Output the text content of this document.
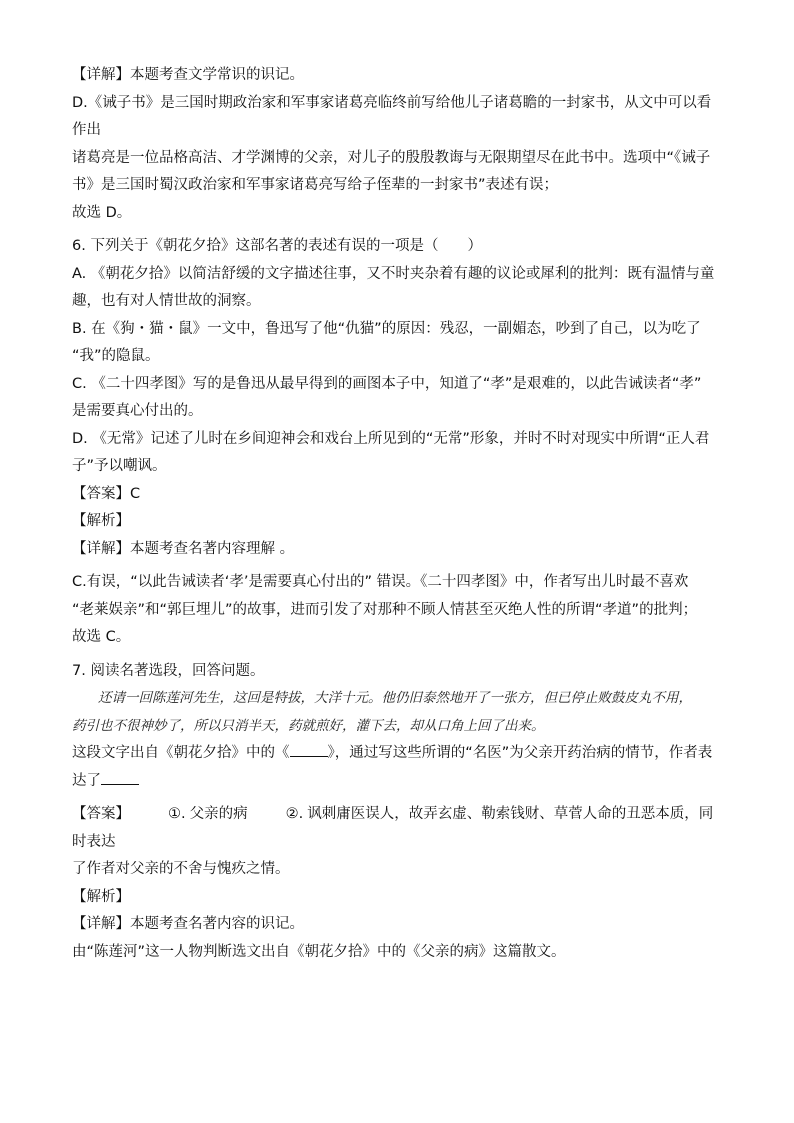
【详解】本题考查文学常识的识记。

D.《诫子书》是三国时期政治家和军事家诸葛亮临终前写给他儿子诸葛瞻的一封家书，从文中可以看作出

诸葛亮是一位品格高洁、才学渊博的父亲，对儿子的殷殷教诲与无限期望尽在此书中。选项中“《诫子

书》是三国时蜀汉政治家和军事家诸葛亮写给子侄辈的一封家书”表述有误；

故选 D。

6. 下列关于《朝花夕拾》这部名著的表述有误的一项是（　　）

A. 《朝花夕拾》以简洁舒缓的文字描述往事，又不时夹杂着有趣的议论或犀利的批判：既有温情与童

趣，也有对人情世故的洞察。

B. 在《狗・猫・鼠》一文中，鲁迅写了他“仇猫”的原因：残忍，一副媚态，吵到了自己，以为吃了

“我”的隐鼠。

C. 《二十四孝图》写的是鲁迅从最早得到的画图本子中，知道了“孝”是艰难的，以此告诫读者“孝”

是需要真心付出的。

D. 《无常》记述了儿时在乡间迎神会和戏台上所见到的“无常”形象，并时不时对现实中所谓“正人君

子”予以嘲讽。

【答案】C

【解析】

【详解】本题考查名著内容理解 。

C.有误，“以此告诫读者‘孝’是需要真心付出的” 错误。《二十四孝图》中，作者写出儿时最不喜欢

“老莱娱亲”和“郭巨埋儿”的故事，进而引发了对那种不顾人情甚至灭绝人性的所谓“孝道”的批判；

故选 C。

7. 阅读名著选段，回答问题。

还请一回陈莲河先生，这回是特拔，大洋十元。他仍旧泰然地开了一张方，但已停止败鼓皮丸不用，

药引也不很神妙了，所以只消半天，药就煎好，灌下去，却从口角上回了出来。

这段文字出自《朝花夕拾》中的《	》，通过写这些所谓的“名医”为父亲开药治病的情节，作者表

达了

【答案】	①. 父亲的病	②. 讽刺庸医误人，故弄玄虚、勒索钱财、草菅人命的丑恶本质，同时表达

了作者对父亲的不舍与愧疚之情。

【解析】

【详解】本题考查名著内容的识记。

由“陈莲河”这一人物判断选文出自《朝花夕拾》中的《父亲的病》这篇散文。
